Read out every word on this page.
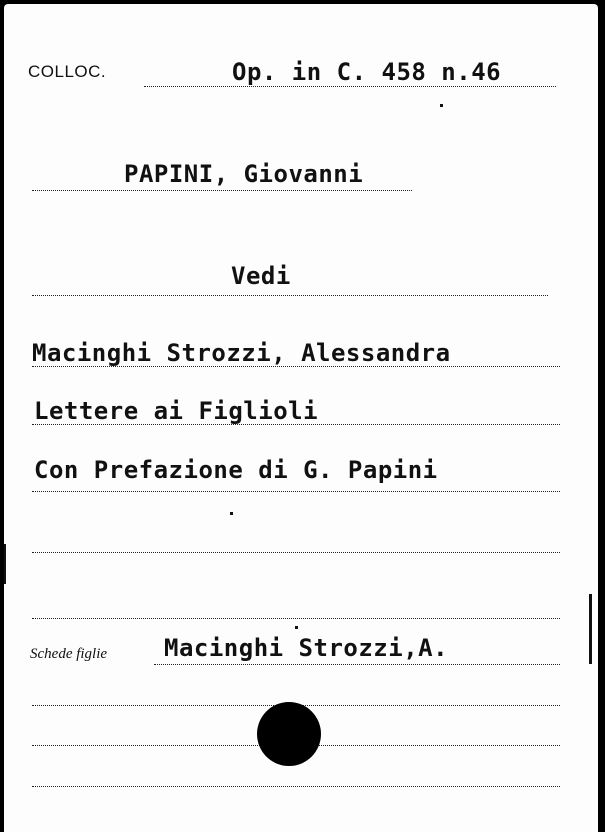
COLLOC.	Op. in C. 458 n.46
PAPINI, Giovanni
Vedi
Macinghi Strozzi, Alessandra
Lettere ai Figlioli
Con Prefazione di G. Papini
Schede figlie Macinghi Strozzi,A.
